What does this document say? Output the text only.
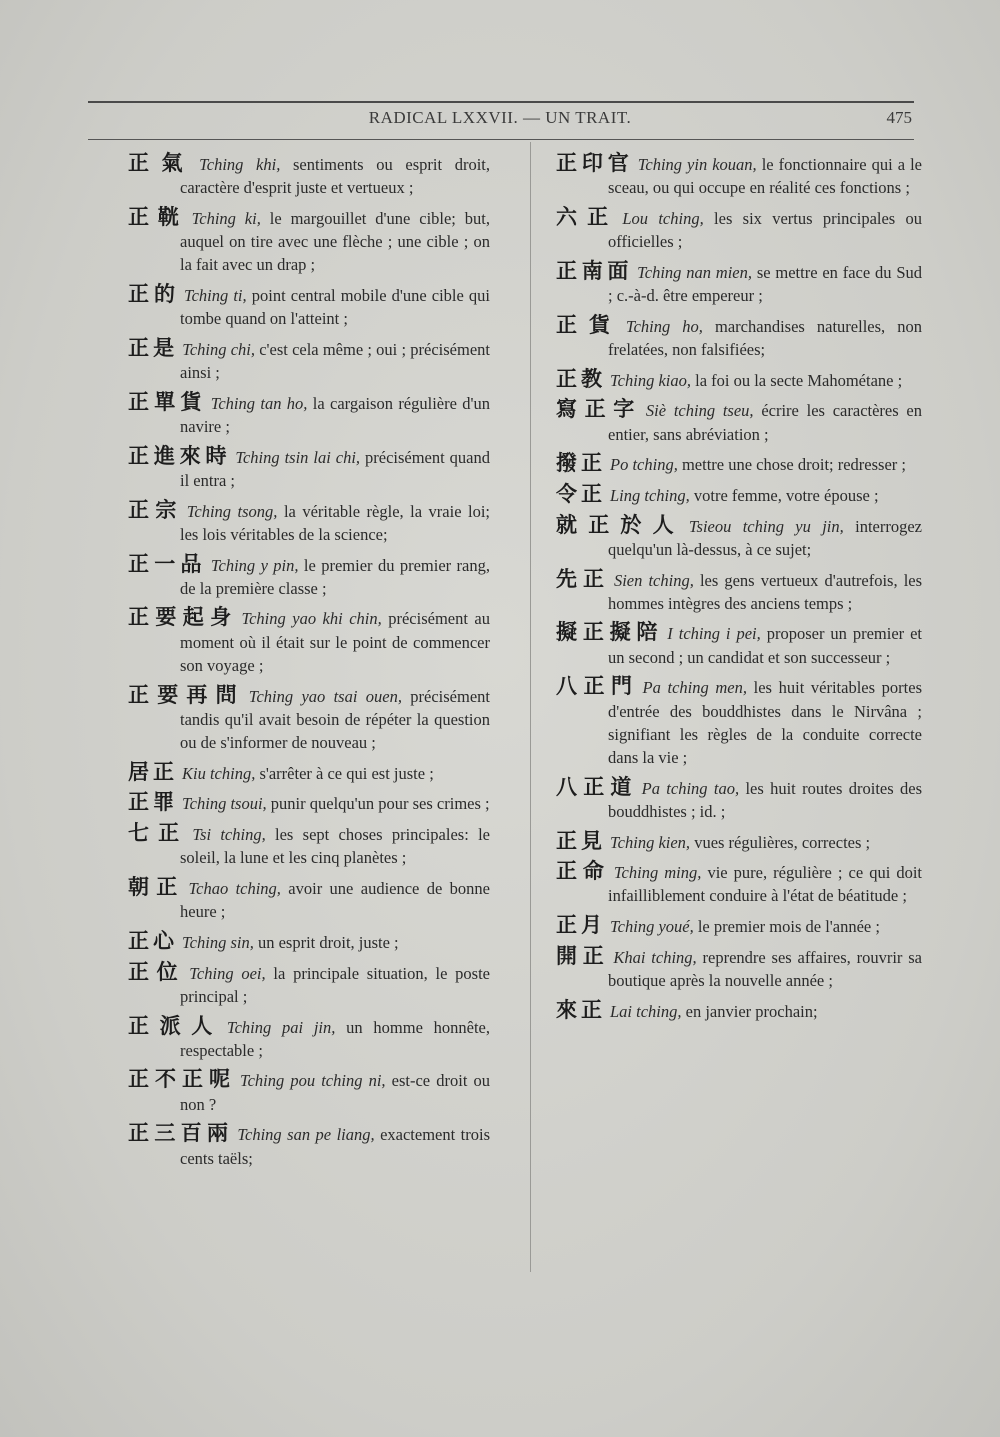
RADICAL LXXVII. — UN TRAIT.	475
正氣 Tching khi, sentiments ou esprit droit, caractère d'esprit juste et vertueux ;
正𩊠 Tching ki, le margouillet d'une cible; but, auquel on tire avec une flèche ; une cible ; on la fait avec un drap ;
正的 Tching ti, point central mobile d'une cible qui tombe quand on l'atteint ;
正是 Tching chi, c'est cela même ; oui ; précisément ainsi ;
正單貨 Tching tan ho, la cargaison régulière d'un navire ;
正進來時 Tching tsin lai chi, précisément quand il entra ;
正宗 Tching tsong, la véritable règle, la vraie loi; les lois véritables de la science;
正一品 Tching y pin, le premier du premier rang, de la première classe ;
正要起身 Tching yao khi chin, précisément au moment où il était sur le point de commencer son voyage ;
正要再問 Tching yao tsai ouen, précisément tandis qu'il avait besoin de répéter la question ou de s'informer de nouveau ;
居正 Kiu tching, s'arrêter à ce qui est juste ;
正罪 Tching tsoui, punir quelqu'un pour ses crimes ;
七正 Tsi tching, les sept choses principales: le soleil, la lune et les cinq planètes ;
朝正 Tchao tching, avoir une audience de bonne heure ;
正心 Tching sin, un esprit droit, juste ;
正位 Tching oei, la principale situation, le poste principal ;
正派人 Tching pai jin, un homme honnête, respectable ;
正不正呢 Tching pou tching ni, est-ce droit ou non ?
正三百兩 Tching san pe liang, exactement trois cents taëls;
正印官 Tching yin kouan, le fonctionnaire qui a le sceau, ou qui occupe en réalité ces fonctions ;
六正 Lou tching, les six vertus principales ou officielles ;
正南面 Tching nan mien, se mettre en face du Sud ; c.-à-d. être empereur ;
正貨 Tching ho, marchandises naturelles, non frelatées, non falsifiées;
正教 Tching kiao, la foi ou la secte Mahométane ;
寫正字 Siè tching tseu, écrire les caractères en entier, sans abréviation ;
撥正 Po tching, mettre une chose droit; redresser ;
令正 Ling tching, votre femme, votre épouse ;
就正於人 Tsieou tching yu jin, interrogez quelqu'un là-dessus, à ce sujet;
先正 Sien tching, les gens vertueux d'autrefois, les hommes intègres des anciens temps ;
擬正擬陪 I tching i pei, proposer un premier et un second ; un candidat et son successeur ;
八正門 Pa tching men, les huit véritables portes d'entrée des bouddhistes dans le Nirvâna ; signifiant les règles de la conduite correcte dans la vie ;
八正道 Pa tching tao, les huit routes droites des bouddhistes ; id. ;
正見 Tching kien, vues régulières, correctes ;
正命 Tching ming, vie pure, régulière ; ce qui doit infailliblement conduire à l'état de béatitude ;
正月 Tching youé, le premier mois de l'année ;
開正 Khai tching, reprendre ses affaires, rouvrir sa boutique après la nouvelle année ;
來正 Lai tching, en janvier prochain;
